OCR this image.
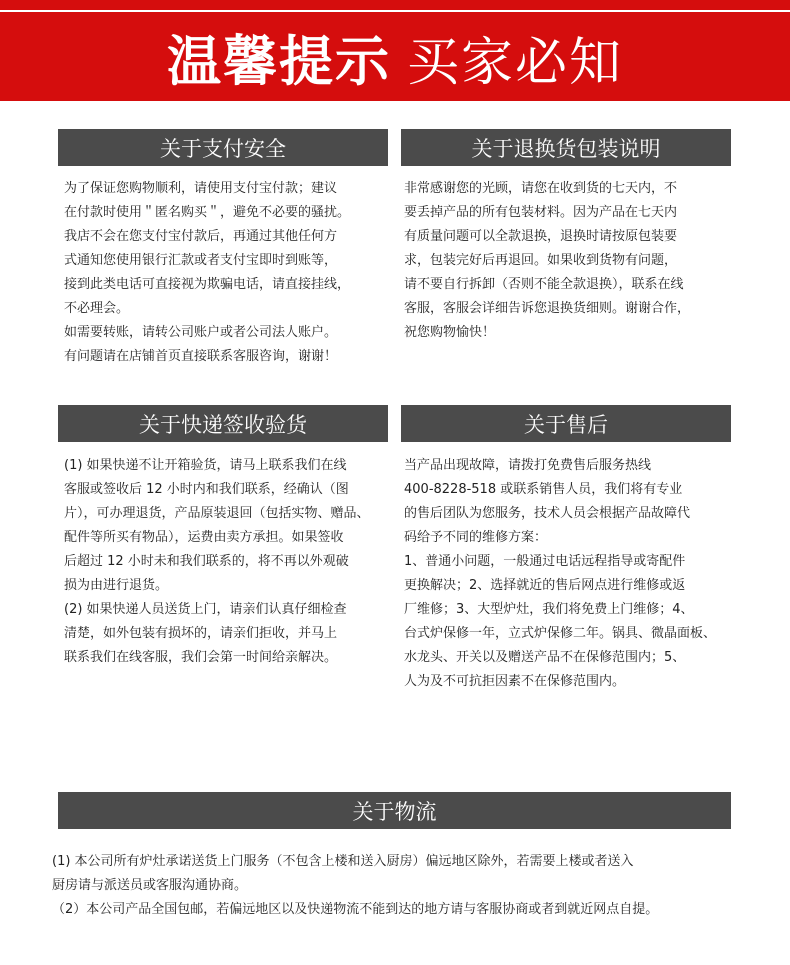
温馨提示 买家必知
关于支付安全

为了保证您购物顺利，请使用支付宝付款；建议

在付款时使用＂匿名购买＂，避免不必要的骚扰。

我店不会在您支付宝付款后，再通过其他任何方

式通知您使用银行汇款或者支付宝即时到账等，

接到此类电话可直接视为欺骗电话，请直接挂线，

不必理会。

如需要转账，请转公司账户或者公司法人账户。

有问题请在店铺首页直接联系客服咨询，谢谢！

关于退换货包装说明

非常感谢您的光顾，请您在收到货的七天内，不

要丢掉产品的所有包装材料。因为产品在七天内

有质量问题可以全款退换，退换时请按原包装要

求，包装完好后再退回。如果收到货物有问题，

请不要自行拆卸（否则不能全款退换），联系在线

客服，客服会详细告诉您退换货细则。谢谢合作，

祝您购物愉快！

关于快递签收验货

(1) 如果快递不让开箱验货，请马上联系我们在线

客服或签收后 12 小时内和我们联系，经确认（图

片），可办理退货，产品原装退回（包括实物、赠品、

配件等所买有物品），运费由卖方承担。如果签收

后超过 12 小时未和我们联系的，将不再以外观破

损为由进行退货。

(2) 如果快递人员送货上门，请亲们认真仔细检查

清楚，如外包装有损坏的，请亲们拒收，并马上

联系我们在线客服，我们会第一时间给亲解决。

关于售后

当产品出现故障，请拨打免费售后服务热线

400-8228-518 或联系销售人员，我们将有专业

的售后团队为您服务，技术人员会根据产品故障代

码给予不同的维修方案：

1、普通小问题，一般通过电话远程指导或寄配件

更换解决；2、选择就近的售后网点进行维修或返

厂维修；3、大型炉灶，我们将免费上门维修；4、

台式炉保修一年，立式炉保修二年。锅具、微晶面板、

水龙头、开关以及赠送产品不在保修范围内；5、

人为及不可抗拒因素不在保修范围内。

关于物流

(1) 本公司所有炉灶承诺送货上门服务（不包含上楼和送入厨房）偏远地区除外，若需要上楼或者送入

厨房请与派送员或客服沟通协商。

（2）本公司产品全国包邮，若偏远地区以及快递物流不能到达的地方请与客服协商或者到就近网点自提。
